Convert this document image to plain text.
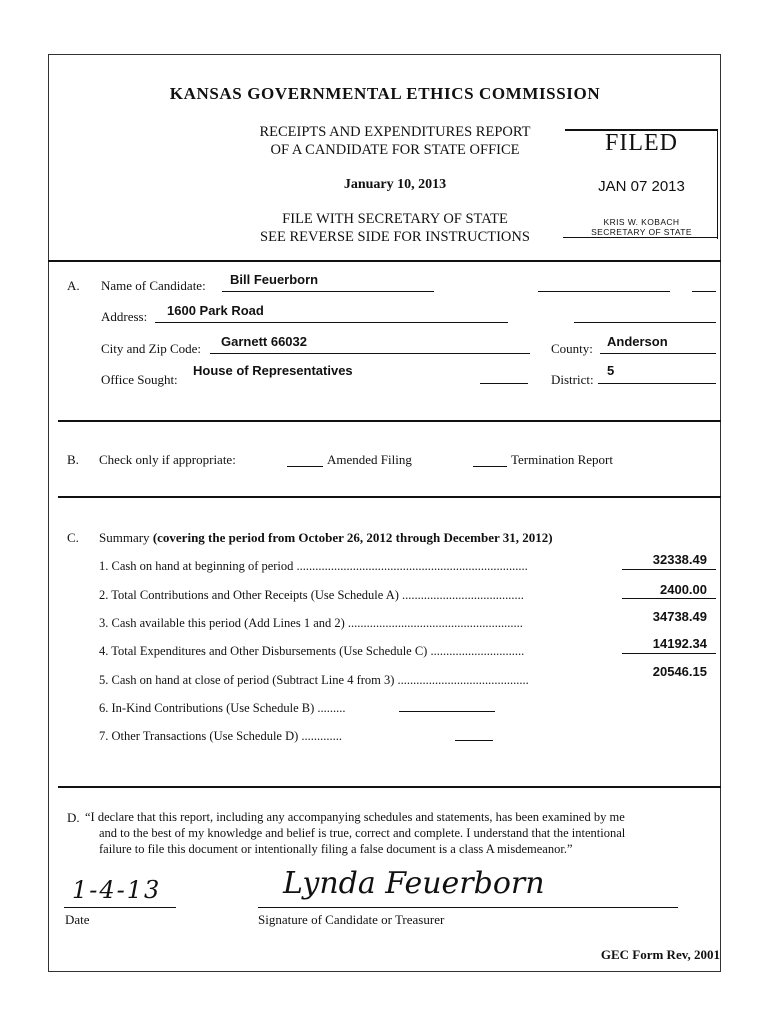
KANSAS GOVERNMENTAL ETHICS COMMISSION
RECEIPTS AND EXPENDITURES REPORT
OF A CANDIDATE FOR STATE OFFICE
January 10, 2013
FILE WITH SECRETARY OF STATE
SEE REVERSE SIDE FOR INSTRUCTIONS
FILED
JAN 07 2013
KRIS W. KOBACH
SECRETARY OF STATE
A. Name of Candidate: Bill Feuerborn
Address: 1600 Park Road
City and Zip Code: Garnett 66032	County: Anderson
Office Sought:
House of Representatives
District:
5
B. Check only if appropriate:	Amended Filing	Termination Report
C. Summary (covering the period from October 26, 2012 through December 31, 2012)
1. Cash on hand at beginning of period ..........................................................................	32338.49
2. Total Contributions and Other Receipts (Use Schedule A) .......................................	2400.00
3. Cash available this period (Add Lines 1 and 2) ........................................................	34738.49
4. Total Expenditures and Other Disbursements (Use Schedule C) ..............................	14192.34
5. Cash on hand at close of period (Subtract Line 4 from 3) ..........................................
20546.15
6. In-Kind Contributions (Use Schedule B) .........
7. Other Transactions (Use Schedule D) .............
D. “I declare that this report, including any accompanying schedules and statements, has been examined by me
and to the best of my knowledge and belief is true, correct and complete. I understand that the intentional
failure to file this document or intentionally filing a false document is a class A misdemeanor.”
1-4-13
Date
Lynda Feuerborn
Signature of Candidate or Treasurer
GEC Form Rev, 2001
